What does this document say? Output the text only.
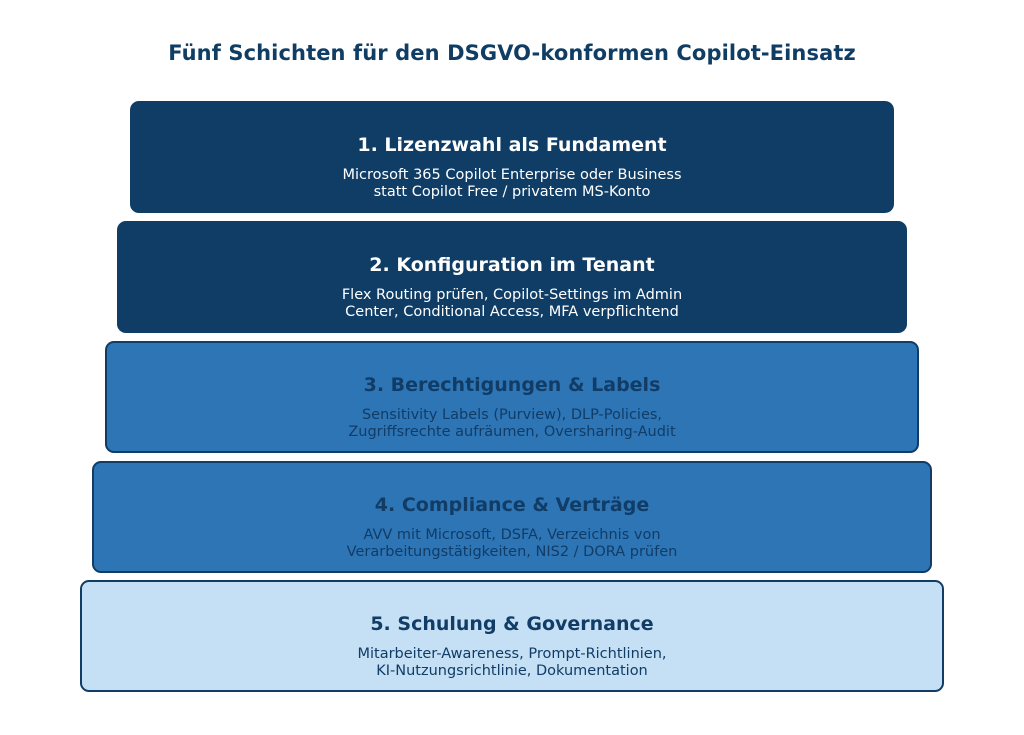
Fünf Schichten für den DSGVO-konformen Copilot-Einsatz
1. Lizenzwahl als Fundament
Microsoft 365 Copilot Enterprise oder Business
statt Copilot Free / privatem MS-Konto
2. Konfiguration im Tenant
Flex Routing prüfen, Copilot-Settings im Admin
Center, Conditional Access, MFA verpflichtend
3. Berechtigungen & Labels
Sensitivity Labels (Purview), DLP-Policies,
Zugriffsrechte aufräumen, Oversharing-Audit
4. Compliance & Verträge
AVV mit Microsoft, DSFA, Verzeichnis von
Verarbeitungstätigkeiten, NIS2 / DORA prüfen
5. Schulung & Governance
Mitarbeiter-Awareness, Prompt-Richtlinien,
KI-Nutzungsrichtlinie, Dokumentation
